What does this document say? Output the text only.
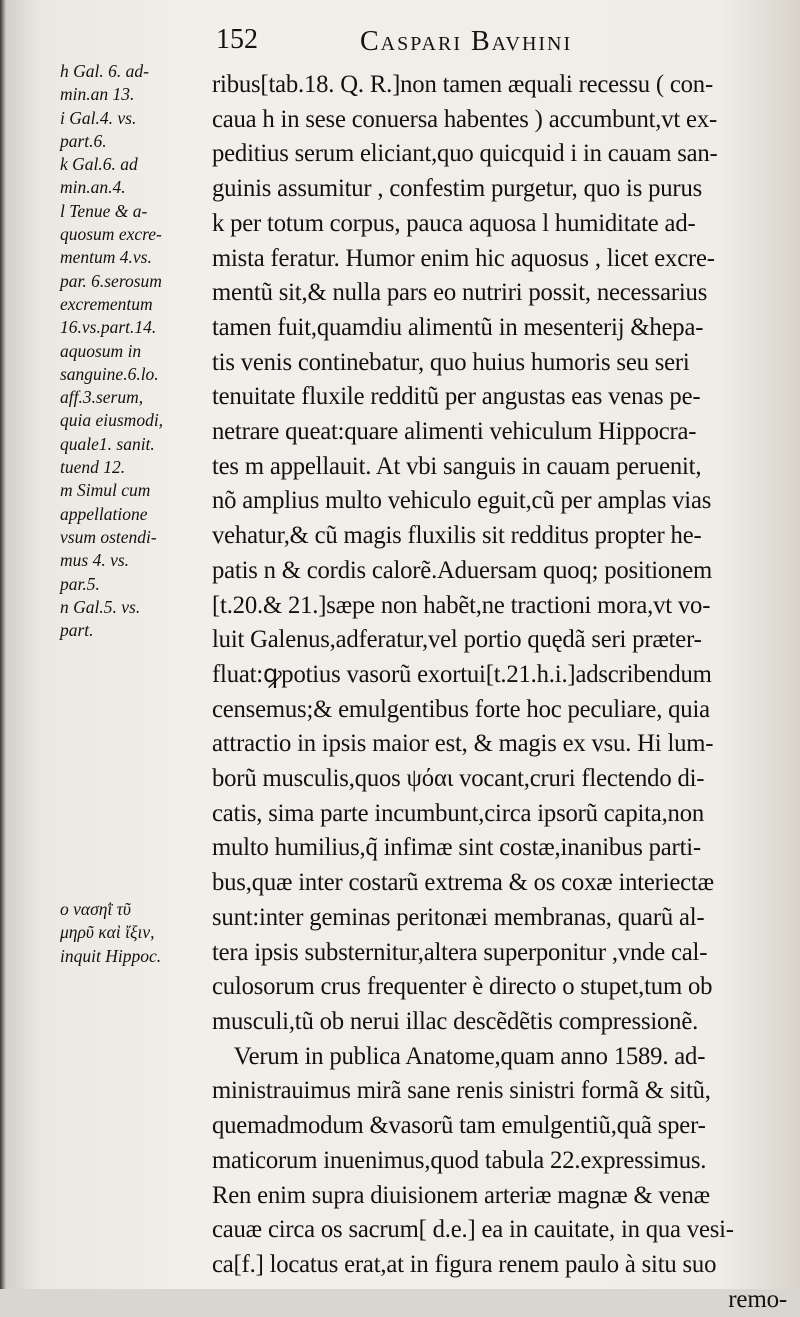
152	Caspari Bavhini
h Gal. 6. ad-
min.an 13.
i Gal.4. vs.
part.6.
k Gal.6. ad
min.an.4.
l Tenue & a-
quosum excre-
mentum 4.vs.
par. 6.serosum
excrementum
16.vs.part.14.
aquosum in
sanguine.6.lo.
aff.3.serum,
quia eiusmodi,
quale1. sanit.
tuend 12.
m Simul cum
appellatione
vsum ostendi-
mus 4. vs.
par.5.
n Gal.5. vs.
part.
o νασηῒ τῦ
μηρῦ καὶ ἴξιν,
inquit Hippoc.
ribus[tab.18. Q. R.]non tamen æquali recessu ( con-
caua h in sese conuersa habentes ) accumbunt,vt ex-
peditius serum eliciant,quo quicquid i in cauam san-
guinis assumitur , confestim purgetur, quo is purus
k per totum corpus, pauca aquosa l humiditate ad-
mista feratur. Humor enim hic aquosus , licet excre-
mentũ sit,& nulla pars eo nutriri possit, necessarius
tamen fuit,quamdiu alimentũ in mesenterij &hepa-
tis venis continebatur, quo huius humoris seu seri
tenuitate fluxile redditũ per angustas eas venas pe-
netrare queat:quare alimenti vehiculum Hippocra-
tes m appellauit. At vbi sanguis in cauam peruenit,
nõ amplius multo vehiculo eguit,cũ per amplas vias
vehatur,& cũ magis fluxilis sit redditus propter he-
patis n & cordis calorẽ.Aduersam quoq; positionem
[t.20.& 21.]sæpe non habẽt,ne tractioni mora,vt vo-
luit Galenus,adferatur,vel portio quędã seri præter-
fluat:ꝙpotius vasorũ exortui[t.21.h.i.]adscribendum
censemus;& emulgentibus forte hoc peculiare, quia
attractio in ipsis maior est, & magis ex vsu. Hi lum-
borũ musculis,quos ψόαι vocant,cruri flectendo di-
catis, sima parte incumbunt,circa ipsorũ capita,non
multo humilius,q̃ infimæ sint costæ,inanibus parti-
bus,quæ inter costarũ extrema & os coxæ interiectæ
sunt:inter geminas peritonæi membranas, quarũ al-
tera ipsis substernitur,altera superponitur ,vnde cal-
culosorum crus frequenter è directo o stupet,tum ob
musculi,tũ ob nerui illac descẽdẽtis compressionẽ.
Verum in publica Anatome,quam anno 1589. ad-
ministrauimus mirã sane renis sinistri formã & sitũ,
quemadmodum &vasorũ tam emulgentiũ,quã sper-
maticorum inuenimus,quod tabula 22.expressimus.
Ren enim supra diuisionem arteriæ magnæ & venæ
cauæ circa os sacrum[ d.e.] ea in cauitate, in qua vesi-
ca[f.] locatus erat,at in figura renem paulo à situ suo
remo-
